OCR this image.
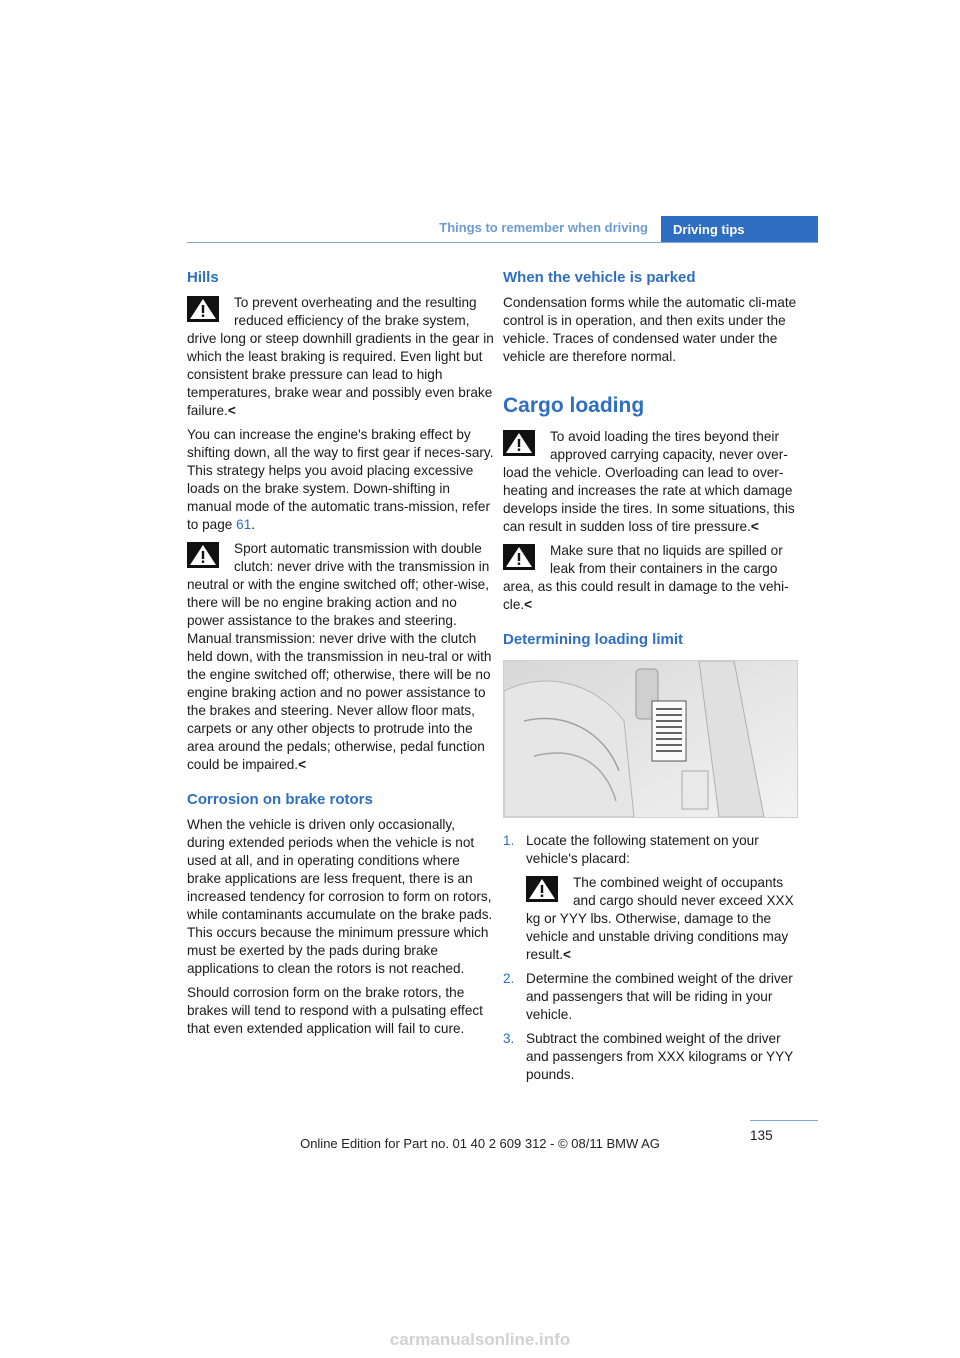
Things to remember when driving	Driving tips
Hills
To prevent overheating and the resulting reduced efficiency of the brake system, drive long or steep downhill gradients in the gear in which the least braking is required. Even light but consistent brake pressure can lead to high temperatures, brake wear and possibly even brake failure.<

You can increase the engine's braking effect by shifting down, all the way to first gear if neces-sary. This strategy helps you avoid placing excessive loads on the brake system. Down-shifting in manual mode of the automatic trans-mission, refer to page 61.

Sport automatic transmission with double clutch: never drive with the transmission in neutral or with the engine switched off; other-wise, there will be no engine braking action and no power assistance to the brakes and steering. Manual transmission: never drive with the clutch held down, with the transmission in neu-tral or with the engine switched off; otherwise, there will be no engine braking action and no power assistance to the brakes and steering. Never allow floor mats, carpets or any other objects to protrude into the area around the pedals; otherwise, pedal function could be impaired.<
Corrosion on brake rotors

When the vehicle is driven only occasionally, during extended periods when the vehicle is not used at all, and in operating conditions where brake applications are less frequent, there is an increased tendency for corrosion to form on rotors, while contaminants accumulate on the brake pads. This occurs because the minimum pressure which must be exerted by the pads during brake applications to clean the rotors is not reached.

Should corrosion form on the brake rotors, the brakes will tend to respond with a pulsating effect that even extended application will fail to cure.

When the vehicle is parked

Condensation forms while the automatic cli-mate control is in operation, and then exits under the vehicle. Traces of condensed water under the vehicle are therefore normal.

Cargo loading
To avoid loading the tires beyond their approved carrying capacity, never over-load the vehicle. Overloading can lead to over-heating and increases the rate at which damage develops inside the tires. In some situations, this can result in sudden loss of tire pressure.<
Make sure that no liquids are spilled or leak from their containers in the cargo area, as this could result in damage to the vehi-cle.<
Determining loading limit
1. Locate the following statement on your vehicle's placard:
The combined weight of occupants and cargo should never exceed XXX kg or YYY lbs. Otherwise, damage to the vehicle and unstable driving conditions may result.<
2. Determine the combined weight of the driver and passengers that will be riding in your vehicle.
3. Subtract the combined weight of the driver and passengers from XXX kilograms or YYY pounds.
135
Online Edition for Part no. 01 40 2 609 312 - © 08/11 BMW AG
carmanualsonline.info
